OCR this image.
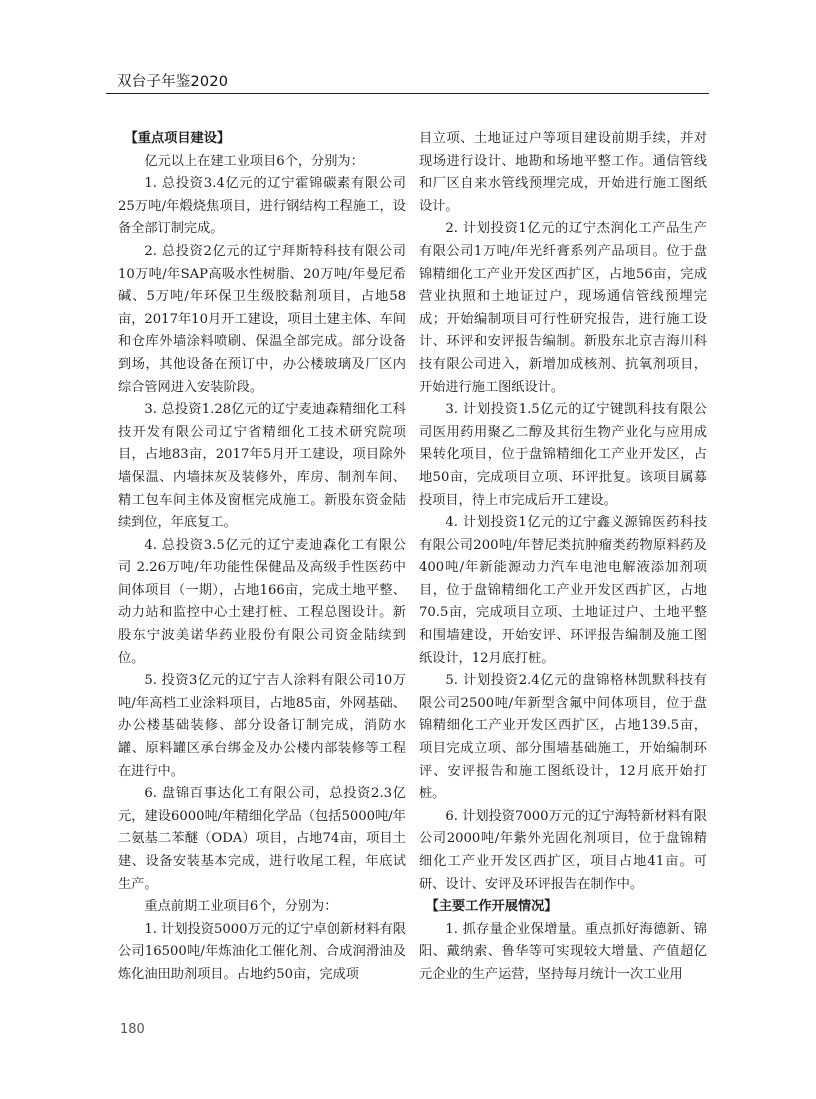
双台子年鉴2020

【重点项目建设】

亿元以上在建工业项目6个，分别为：

1. 总投资3.4亿元的辽宁霍锦碳素有限公司25万吨/年煅烧焦项目，进行钢结构工程施工，设备全部订制完成。

2. 总投资2亿元的辽宁拜斯特科技有限公司10万吨/年SAP高吸水性树脂、20万吨/年曼尼希碱、5万吨/年环保卫生级胶黏剂项目，占地58亩，2017年10月开工建设，项目土建主体、车间和仓库外墙涂料喷刷、保温全部完成。部分设备到场，其他设备在预订中，办公楼玻璃及厂区内综合管网进入安装阶段。

3. 总投资1.28亿元的辽宁麦迪森精细化工科技开发有限公司辽宁省精细化工技术研究院项目，占地83亩，2017年5月开工建设，项目除外墙保温、内墙抹灰及装修外，库房、制剂车间、精工包车间主体及窗框完成施工。新股东资金陆续到位，年底复工。

4. 总投资3.5亿元的辽宁麦迪森化工有限公司 2.26万吨/年功能性保健品及高级手性医药中间体项目（一期），占地166亩，完成土地平整、动力站和监控中心土建打桩、工程总图设计。新股东宁波美诺华药业股份有限公司资金陆续到位。

5. 投资3亿元的辽宁吉人涂料有限公司10万吨/年高档工业涂料项目，占地85亩，外网基础、办公楼基础装修、部分设备订制完成，消防水罐、原料罐区承台绑金及办公楼内部装修等工程在进行中。

6. 盘锦百事达化工有限公司，总投资2.3亿元，建设6000吨/年精细化学品（包括5000吨/年二氨基二苯醚（ODA）项目，占地74亩，项目土建、设备安装基本完成，进行收尾工程，年底试生产。

重点前期工业项目6个，分别为：

1. 计划投资5000万元的辽宁卓创新材料有限公司16500吨/年炼油化工催化剂、合成润滑油及炼化油田助剂项目。占地约50亩，完成项

目立项、土地证过户等项目建设前期手续，并对现场进行设计、地勘和场地平整工作。通信管线和厂区自来水管线预埋完成，开始进行施工图纸设计。

2. 计划投资1亿元的辽宁杰润化工产品生产有限公司1万吨/年光纤膏系列产品项目。位于盘锦精细化工产业开发区西扩区，占地56亩，完成营业执照和土地证过户，现场通信管线预埋完成；开始编制项目可行性研究报告，进行施工设计、环评和安评报告编制。新股东北京吉海川科技有限公司进入，新增加成核剂、抗氧剂项目，开始进行施工图纸设计。

3. 计划投资1.5亿元的辽宁键凯科技有限公司医用药用聚乙二醇及其衍生物产业化与应用成果转化项目，位于盘锦精细化工产业开发区，占地50亩，完成项目立项、环评批复。该项目属募投项目，待上市完成后开工建设。

4. 计划投资1亿元的辽宁鑫义源锦医药科技有限公司200吨/年替尼类抗肿瘤类药物原料药及400吨/年新能源动力汽车电池电解液添加剂项目，位于盘锦精细化工产业开发区西扩区，占地70.5亩，完成项目立项、土地证过户、土地平整和围墙建设，开始安评、环评报告编制及施工图纸设计，12月底打桩。

5. 计划投资2.4亿元的盘锦格林凯默科技有限公司2500吨/年新型含氟中间体项目，位于盘锦精细化工产业开发区西扩区，占地139.5亩，项目完成立项、部分围墙基础施工，开始编制环评、安评报告和施工图纸设计，12月底开始打桩。

6. 计划投资7000万元的辽宁海特新材料有限公司2000吨/年紫外光固化剂项目，位于盘锦精细化工产业开发区西扩区，项目占地41亩。可研、设计、安评及环评报告在制作中。

【主要工作开展情况】

1. 抓存量企业保增量。重点抓好海德新、锦阳、戴纳索、鲁华等可实现较大增量、产值超亿元企业的生产运营，坚持每月统计一次工业用

180
